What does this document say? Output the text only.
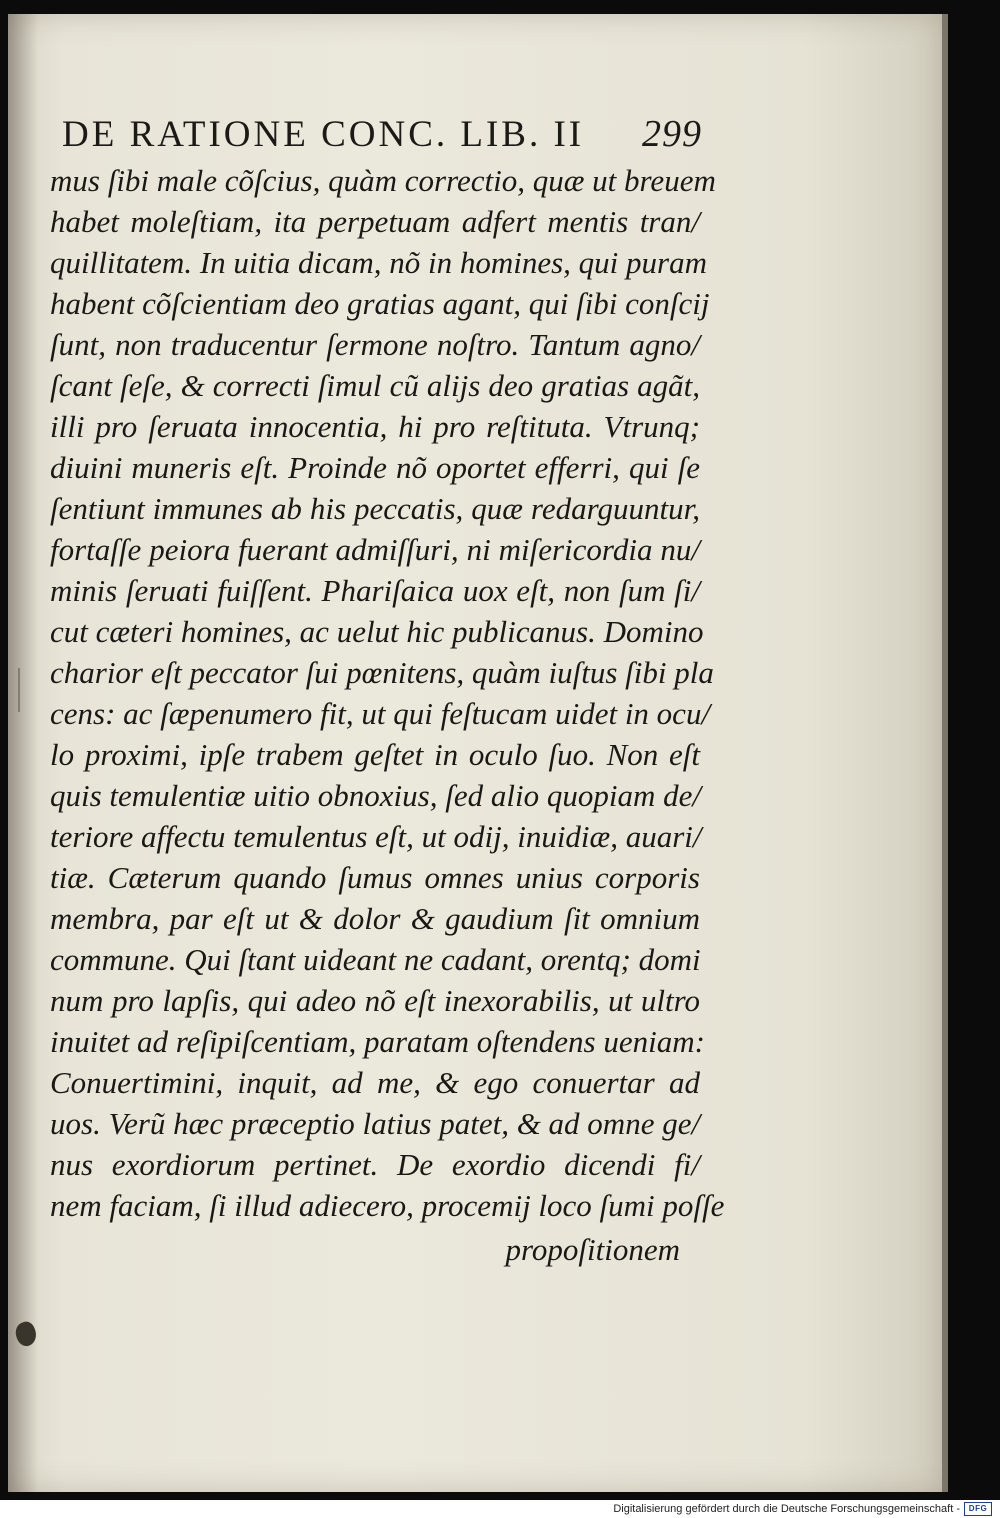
DE RATIONE CONC. LIB. II 299
mus ſibi male cõſcius, quàm correctio, quæ ut breuem
habet moleſtiam, ita perpetuam adfert mentis tran/
quillitatem. In uitia dicam, nõ in homines, qui puram
habent cõſcientiam deo gratias agant, qui ſibi conſcij
ſunt, non traducentur ſermone noſtro. Tantum agno/
ſcant ſeſe, & correcti ſimul cũ alijs deo gratias agãt,
illi pro ſeruata innocentia, hi pro reſtituta. Vtrunq;
diuini muneris eſt. Proinde nõ oportet efferri, qui ſe
ſentiunt immunes ab his peccatis, quæ redarguuntur,
fortaſſe peiora fuerant admiſſuri, ni miſericordia nu/
minis ſeruati fuiſſent. Phariſaica uox eſt, non ſum ſi/
cut cæteri homines, ac uelut hic publicanus. Domino
charior eſt peccator ſui pœnitens, quàm iuſtus ſibi pla
cens: ac ſæpenumero fit, ut qui feſtucam uidet in ocu/
lo proximi, ipſe trabem geſtet in oculo ſuo. Non eſt
quis temulentiæ uitio obnoxius, ſed alio quopiam de/
teriore affectu temulentus eſt, ut odij, inuidiæ, auari/
tiæ. Cæterum quando ſumus omnes unius corporis
membra, par eſt ut & dolor & gaudium ſit omnium
commune. Qui ſtant uideant ne cadant, orentq; domi
num pro lapſis, qui adeo nõ eſt inexorabilis, ut ultro
inuitet ad reſipiſcentiam, paratam oſtendens ueniam:
Conuertimini, inquit, ad me, & ego conuertar ad
uos. Verũ hæc præceptio latius patet, & ad omne ge/
nus exordiorum pertinet. De exordio dicendi fi/
nem faciam, ſi illud adiecero, procemij loco ſumi poſſe
propoſitionem
Digitalisierung gefördert durch die Deutsche Forschungsgemeinschaft -	DFG
